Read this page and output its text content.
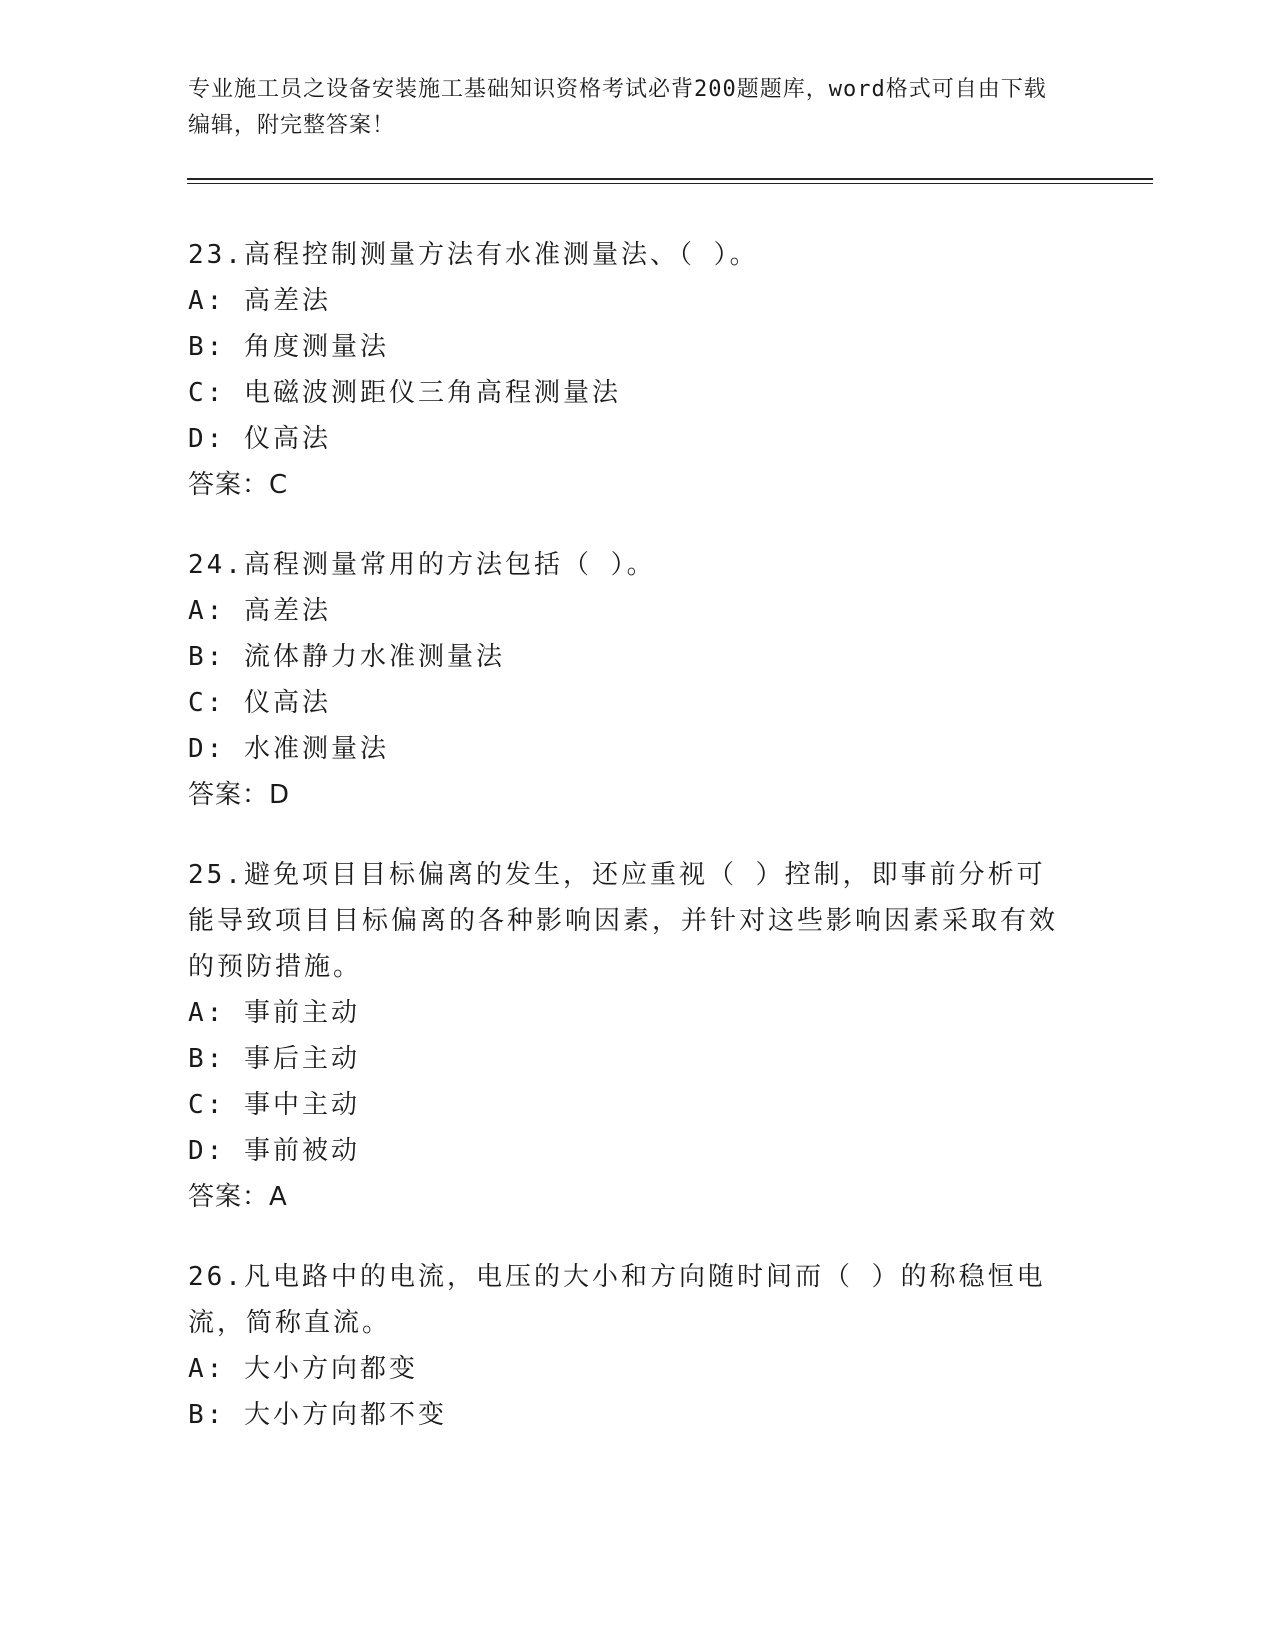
专业施工员之设备安装施工基础知识资格考试必背200题题库，word格式可自由下载编辑，附完整答案！

23.高程控制测量方法有水准测量法、（ ）。

A: 高差法

B: 角度测量法

C: 电磁波测距仪三角高程测量法

D: 仪高法

答案：C

24.高程测量常用的方法包括（ ）。

A: 高差法

B: 流体静力水准测量法

C: 仪高法

D: 水准测量法

答案：D

25.避免项目目标偏离的发生，还应重视（ ）控制，即事前分析可能导致项目目标偏离的各种影响因素，并针对这些影响因素采取有效的预防措施。

A: 事前主动

B: 事后主动

C: 事中主动

D: 事前被动

答案：A

26.凡电路中的电流，电压的大小和方向随时间而（ ）的称稳恒电流，简称直流。

A: 大小方向都变

B: 大小方向都不变
